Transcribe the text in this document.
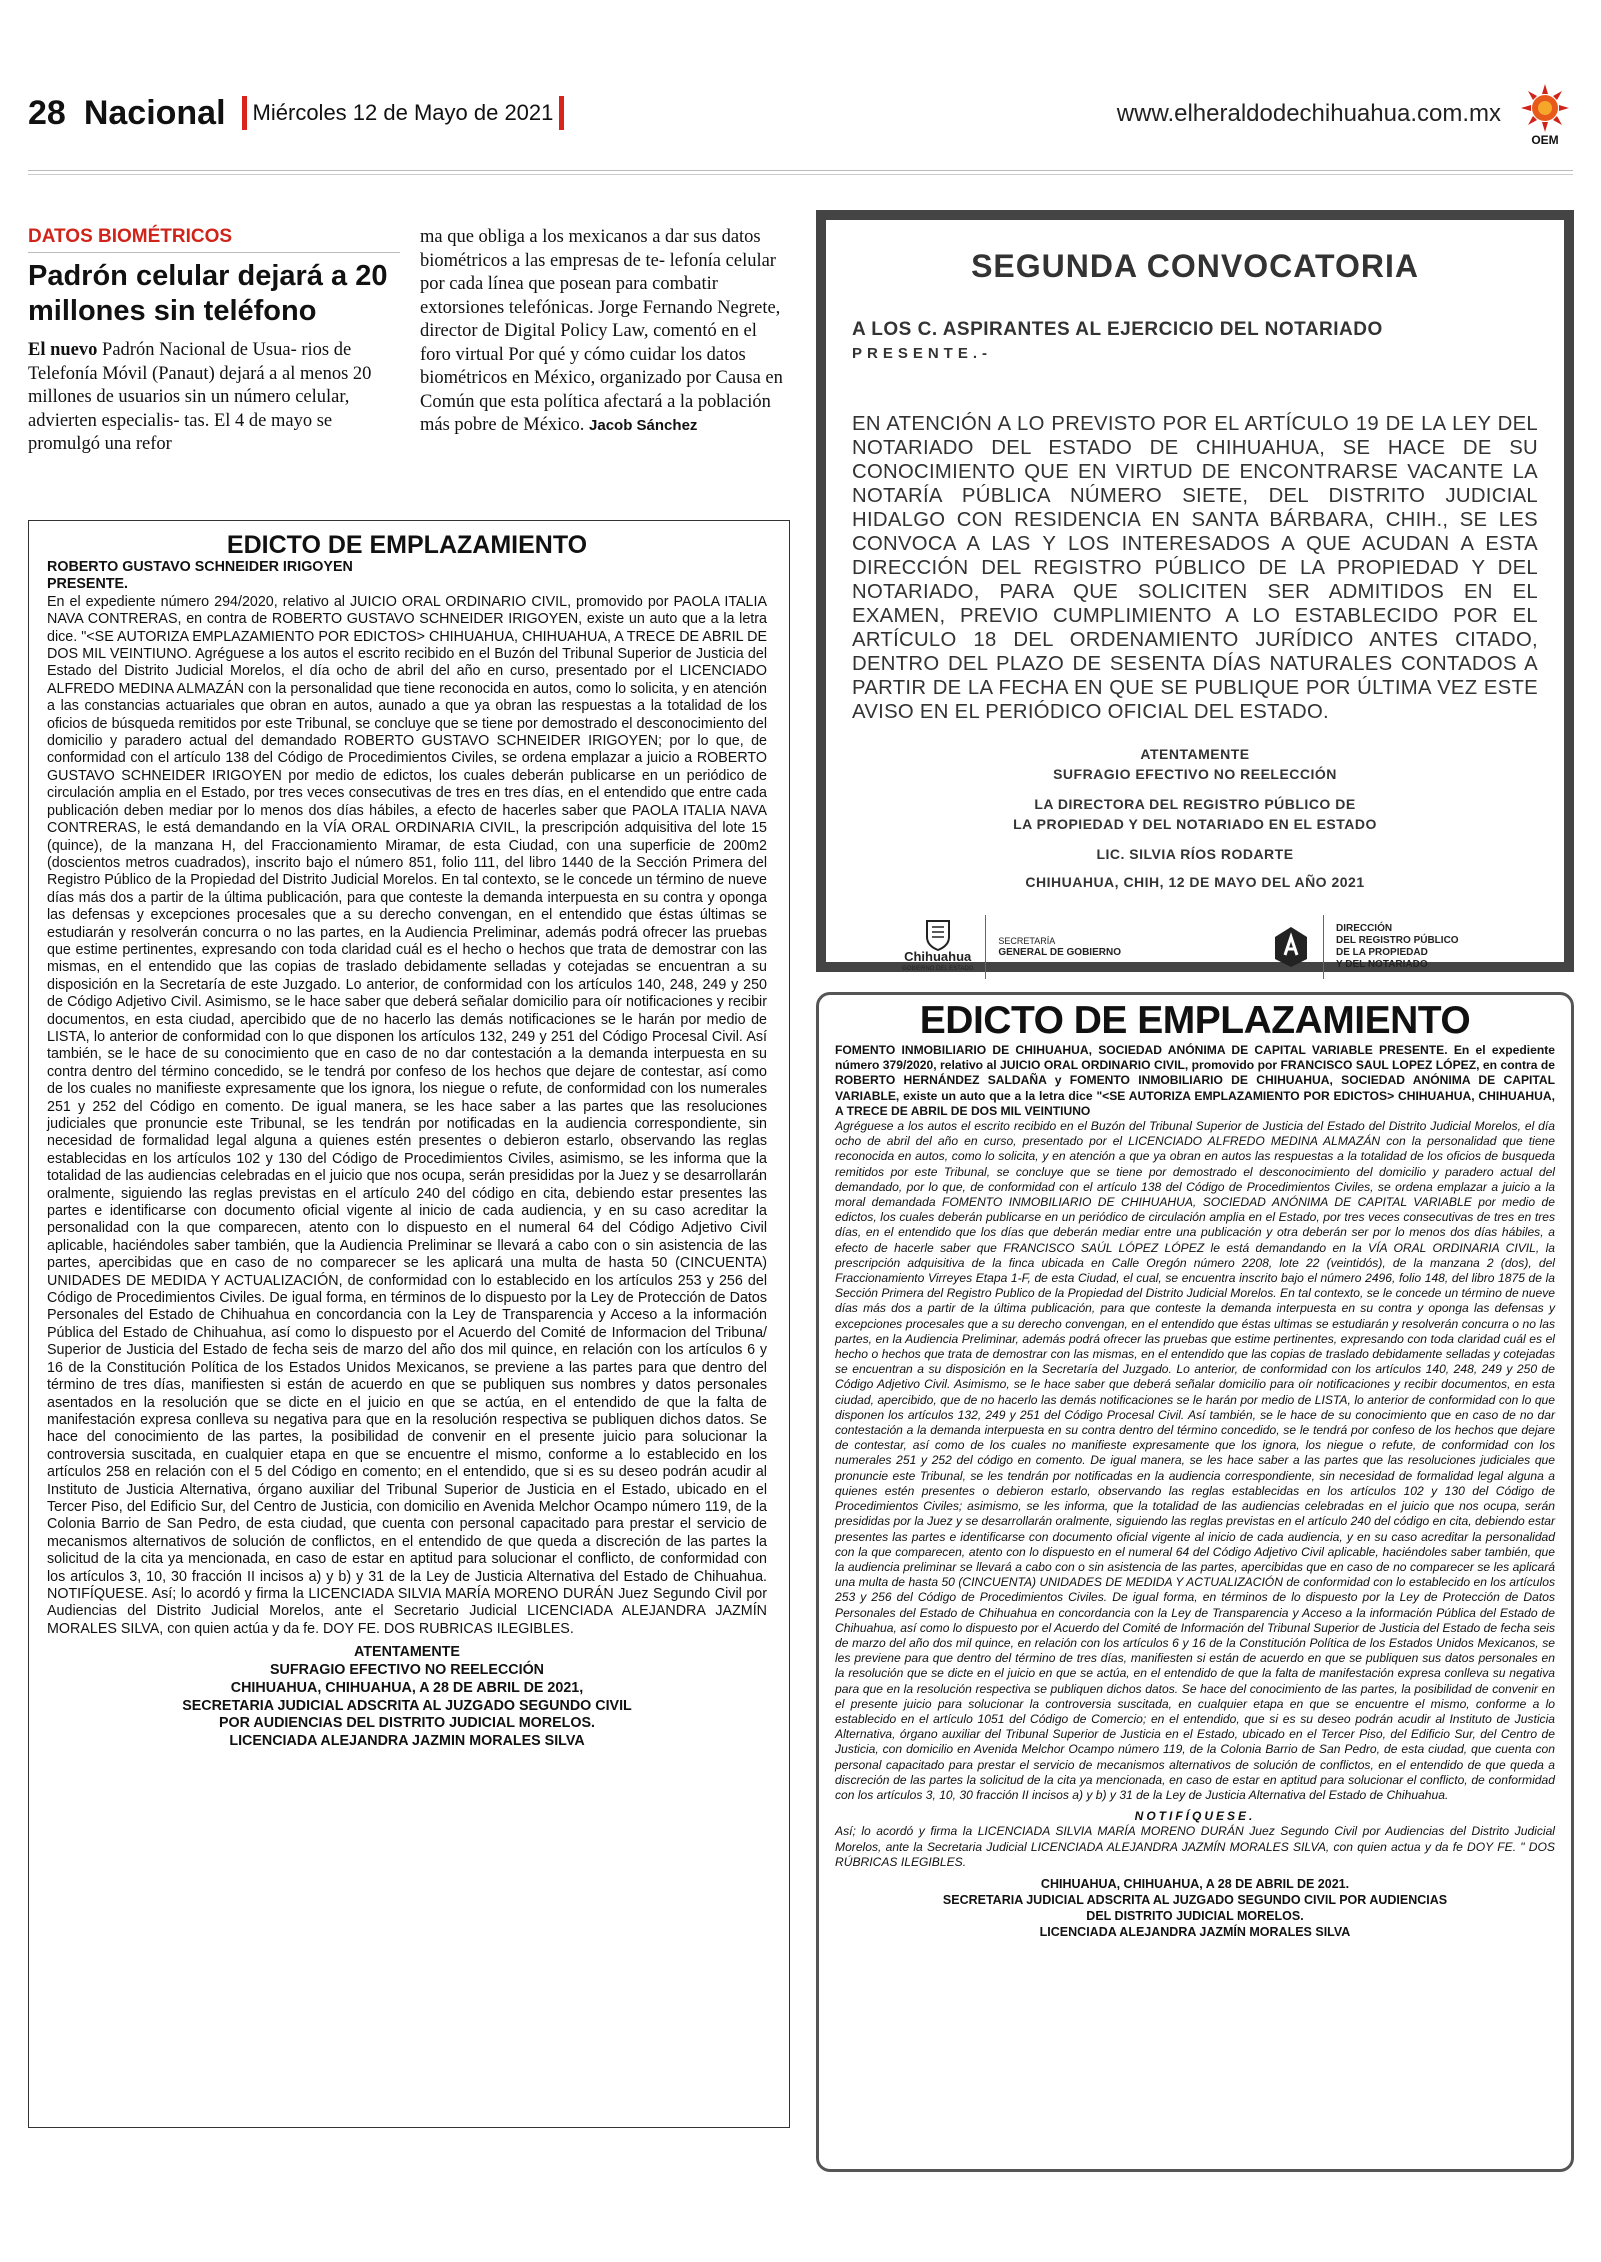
28 Nacional Miércoles 12 de Mayo de 2021	www.elheraldodechihuahua.com.mx
OEM
DATOS BIOMÉTRICOS
Padrón celular dejará a 20 millones sin teléfono
El nuevo Padrón Nacional de Usua- rios de Telefonía Móvil (Panaut) dejará a al menos 20 millones de usuarios sin un número celular, advierten especialis- tas. El 4 de mayo se promulgó una refor
ma que obliga a los mexicanos a dar sus datos biométricos a las empresas de te- lefonía celular por cada línea que posean para combatir extorsiones telefónicas. Jorge Fernando Negrete, director de Digital Policy Law, comentó en el foro virtual Por qué y cómo cuidar los datos biométricos en México, organizado por Causa en Común que esta política afectará a la población más pobre de México. Jacob Sánchez
EDICTO DE EMPLAZAMIENTO
ROBERTO GUSTAVO SCHNEIDER IRIGOYEN
PRESENTE.
En el expediente número 294/2020, relativo al JUICIO ORAL ORDINARIO CIVIL, promovido por PAOLA ITALIA NAVA CONTRERAS, en contra de ROBERTO GUSTAVO SCHNEIDER IRIGOYEN, existe un auto que a la letra dice. "<SE AUTORIZA EMPLAZAMIENTO POR EDICTOS> CHIHUAHUA, CHIHUAHUA, A TRECE DE ABRIL DE DOS MIL VEINTIUNO. Agréguese a los autos el escrito recibido en el Buzón del Tribunal Superior de Justicia del Estado del Distrito Judicial Morelos, el día ocho de abril del año en curso, presentado por el LICENCIADO ALFREDO MEDINA ALMAZÁN con la personalidad que tiene reconocida en autos, como lo solicita, y en atención a las constancias actuariales que obran en autos, aunado a que ya obran las respuestas a la totalidad de los oficios de búsqueda remitidos por este Tribunal, se concluye que se tiene por demostrado el desconocimiento del domicilio y paradero actual del demandado ROBERTO GUSTAVO SCHNEIDER IRIGOYEN; por lo que, de conformidad con el artículo 138 del Código de Procedimientos Civiles, se ordena emplazar a juicio a ROBERTO GUSTAVO SCHNEIDER IRIGOYEN por medio de edictos, los cuales deberán publicarse en un periódico de circulación amplia en el Estado, por tres veces consecutivas de tres en tres días, en el entendido que entre cada publicación deben mediar por lo menos dos días hábiles, a efecto de hacerles saber que PAOLA ITALIA NAVA CONTRERAS, le está demandando en la VÍA ORAL ORDINARIA CIVIL, la prescripción adquisitiva del lote 15 (quince), de la manzana H, del Fraccionamiento Miramar, de esta Ciudad, con una superficie de 200m2 (doscientos metros cuadrados), inscrito bajo el número 851, folio 111, del libro 1440 de la Sección Primera del Registro Público de la Propiedad del Distrito Judicial Morelos. En tal contexto, se le concede un término de nueve días más dos a partir de la última publicación, para que conteste la demanda interpuesta en su contra y oponga las defensas y excepciones procesales que a su derecho convengan, en el entendido que éstas últimas se estudiarán y resolverán concurra o no las partes, en la Audiencia Preliminar, además podrá ofrecer las pruebas que estime pertinentes, expresando con toda claridad cuál es el hecho o hechos que trata de demostrar con las mismas, en el entendido que las copias de traslado debidamente selladas y cotejadas se encuentran a su disposición en la Secretaría de este Juzgado. Lo anterior, de conformidad con los artículos 140, 248, 249 y 250 de Código Adjetivo Civil. Asimismo, se le hace saber que deberá señalar domicilio para oír notificaciones y recibir documentos, en esta ciudad, apercibido que de no hacerlo las demás notificaciones se le harán por medio de LISTA, lo anterior de conformidad con lo que disponen los artículos 132, 249 y 251 del Código Procesal Civil. Así también, se le hace de su conocimiento que en caso de no dar contestación a la demanda interpuesta en su contra dentro del término concedido, se le tendrá por confeso de los hechos que dejare de contestar, así como de los cuales no manifieste expresamente que los ignora, los niegue o refute, de conformidad con los numerales 251 y 252 del Código en comento. De igual manera, se les hace saber a las partes que las resoluciones judiciales que pronuncie este Tribunal, se les tendrán por notificadas en la audiencia correspondiente, sin necesidad de formalidad legal alguna a quienes estén presentes o debieron estarlo, observando las reglas establecidas en los artículos 102 y 130 del Código de Procedimientos Civiles, asimismo, se les informa que la totalidad de las audiencias celebradas en el juicio que nos ocupa, serán presididas por la Juez y se desarrollarán oralmente, siguiendo las reglas previstas en el artículo 240 del código en cita, debiendo estar presentes las partes e identificarse con documento oficial vigente al inicio de cada audiencia, y en su caso acreditar la personalidad con la que comparecen, atento con lo dispuesto en el numeral 64 del Código Adjetivo Civil aplicable, haciéndoles saber también, que la Audiencia Preliminar se llevará a cabo con o sin asistencia de las partes, apercibidas que en caso de no comparecer se les aplicará una multa de hasta 50 (CINCUENTA) UNIDADES DE MEDIDA Y ACTUALIZACIÓN, de conformidad con lo establecido en los artículos 253 y 256 del Código de Procedimientos Civiles. De igual forma, en términos de lo dispuesto por la Ley de Protección de Datos Personales del Estado de Chihuahua en concordancia con la Ley de Transparencia y Acceso a la información Pública del Estado de Chihuahua, así como lo dispuesto por el Acuerdo del Comité de Informacion del Tribuna/ Superior de Justicia del Estado de fecha seis de marzo del año dos mil quince, en relación con los artículos 6 y 16 de la Constitución Política de los Estados Unidos Mexicanos, se previene a las partes para que dentro del término de tres días, manifiesten si están de acuerdo en que se publiquen sus nombres y datos personales asentados en la resolución que se dicte en el juicio en que se actúa, en el entendido de que la falta de manifestación expresa conlleva su negativa para que en la resolución respectiva se publiquen dichos datos. Se hace del conocimiento de las partes, la posibilidad de convenir en el presente juicio para solucionar la controversia suscitada, en cualquier etapa en que se encuentre el mismo, conforme a lo establecido en los artículos 258 en relación con el 5 del Código en comento; en el entendido, que si es su deseo podrán acudir al Instituto de Justicia Alternativa, órgano auxiliar del Tribunal Superior de Justicia en el Estado, ubicado en el Tercer Piso, del Edificio Sur, del Centro de Justicia, con domicilio en Avenida Melchor Ocampo número 119, de la Colonia Barrio de San Pedro, de esta ciudad, que cuenta con personal capacitado para prestar el servicio de mecanismos alternativos de solución de conflictos, en el entendido de que queda a discreción de las partes la solicitud de la cita ya mencionada, en caso de estar en aptitud para solucionar el conflicto, de conformidad con los artículos 3, 10, 30 fracción II incisos a) y b) y 31 de la Ley de Justicia Alternativa del Estado de Chihuahua. NOTIFÍQUESE. Así; lo acordó y firma la LICENCIADA SILVIA MARÍA MORENO DURÁN Juez Segundo Civil por Audiencias del Distrito Judicial Morelos, ante el Secretario Judicial LICENCIADA ALEJANDRA JAZMÍN MORALES SILVA, con quien actúa y da fe. DOY FE. DOS RUBRICAS ILEGIBLES.
ATENTAMENTE
SUFRAGIO EFECTIVO NO REELECCIÓN
CHIHUAHUA, CHIHUAHUA, A 28 DE ABRIL DE 2021,
SECRETARIA JUDICIAL ADSCRITA AL JUZGADO SEGUNDO CIVIL
POR AUDIENCIAS DEL DISTRITO JUDICIAL MORELOS.
LICENCIADA ALEJANDRA JAZMIN MORALES SILVA
SEGUNDA CONVOCATORIA
A LOS C. ASPIRANTES AL EJERCICIO DEL NOTARIADO
PRESENTE.-
EN ATENCIÓN A LO PREVISTO POR EL ARTÍCULO 19 DE LA LEY DEL NOTARIADO DEL ESTADO DE CHIHUAHUA, SE HACE DE SU CONOCIMIENTO QUE EN VIRTUD DE ENCONTRARSE VACANTE LA NOTARÍA PÚBLICA NÚMERO SIETE, DEL DISTRITO JUDICIAL HIDALGO CON RESIDENCIA EN SANTA BÁRBARA, CHIH., SE LES CONVOCA A LAS Y LOS INTERESADOS A QUE ACUDAN A ESTA DIRECCIÓN DEL REGISTRO PÚBLICO DE LA PROPIEDAD Y DEL NOTARIADO, PARA QUE SOLICITEN SER ADMITIDOS EN EL EXAMEN, PREVIO CUMPLIMIENTO A LO ESTABLECIDO POR EL ARTÍCULO 18 DEL ORDENAMIENTO JURÍDICO ANTES CITADO, DENTRO DEL PLAZO DE SESENTA DÍAS NATURALES CONTADOS A PARTIR DE LA FECHA EN QUE SE PUBLIQUE POR ÚLTIMA VEZ ESTE AVISO EN EL PERIÓDICO OFICIAL DEL ESTADO.
ATENTAMENTE
SUFRAGIO EFECTIVO NO REELECCIÓN
LA DIRECTORA DEL REGISTRO PÚBLICO DE
LA PROPIEDAD Y DEL NOTARIADO EN EL ESTADO
LIC. SILVIA RÍOS RODARTE
CHIHUAHUA, CHIH, 12 DE MAYO DEL AÑO 2021
Chihuahua
GOBIERNO DEL ESTADO
SECRETARÍA
GENERAL DE GOBIERNO
DIRECCIÓN
DEL REGISTRO PÚBLICO
DE LA PROPIEDAD
Y DEL NOTARIADO
EDICTO DE EMPLAZAMIENTO
FOMENTO INMOBILIARIO DE CHIHUAHUA, SOCIEDAD ANÓNIMA DE CAPITAL VARIABLE PRESENTE. En el expediente número 379/2020, relativo al JUICIO ORAL ORDINARIO CIVIL, promovido por FRANCISCO SAUL LOPEZ LÓPEZ, en contra de ROBERTO HERNÁNDEZ SALDAÑA y FOMENTO INMOBILIARIO DE CHIHUAHUA, SOCIEDAD ANÓNIMA DE CAPITAL VARIABLE, existe un auto que a la letra dice "<SE AUTORIZA EMPLAZAMIENTO POR EDICTOS> CHIHUAHUA, CHIHUAHUA, A TRECE DE ABRIL DE DOS MIL VEINTIUNO
Agréguese a los autos el escrito recibido en el Buzón del Tribunal Superior de Justicia del Estado del Distrito Judicial Morelos, el día ocho de abril del año en curso, presentado por el LICENCIADO ALFREDO MEDINA ALMAZÁN con la personalidad que tiene reconocida en autos, como lo solicita, y en atención a que ya obran en autos las respuestas a la totalidad de los oficios de busqueda remitidos por este Tribunal, se concluye que se tiene por demostrado el desconocimiento del domicilio y paradero actual del demandado, por lo que, de conformidad con el artículo 138 del Código de Procedimientos Civiles, se ordena emplazar a juicio a la moral demandada FOMENTO INMOBILIARIO DE CHIHUAHUA, SOCIEDAD ANÓNIMA DE CAPITAL VARIABLE por medio de edictos, los cuales deberán publicarse en un periódico de circulación amplia en el Estado, por tres veces consecutivas de tres en tres días, en el entendido que los días que deberán mediar entre una publicación y otra deberán ser por lo menos dos días hábiles, a efecto de hacerle saber que FRANCISCO SAÚL LÓPEZ LÓPEZ le está demandando en la VÍA ORAL ORDINARIA CIVIL, la prescripción adquisitiva de la finca ubicada en Calle Oregón número 2208, lote 22 (veintidós), de la manzana 2 (dos), del Fraccionamiento Virreyes Etapa 1-F, de esta Ciudad, el cual, se encuentra inscrito bajo el número 2496, folio 148, del libro 1875 de la Sección Primera del Registro Publico de la Propiedad del Distrito Judicial Morelos. En tal contexto, se le concede un término de nueve días más dos a partir de la última publicación, para que conteste la demanda interpuesta en su contra y oponga las defensas y excepciones procesales que a su derecho convengan, en el entendido que éstas ultimas se estudiarán y resolverán concurra o no las partes, en la Audiencia Preliminar, además podrá ofrecer las pruebas que estime pertinentes, expresando con toda claridad cuál es el hecho o hechos que trata de demostrar con las mismas, en el entendido que las copias de traslado debidamente selladas y cotejadas se encuentran a su disposición en la Secretaría del Juzgado. Lo anterior, de conformidad con los artículos 140, 248, 249 y 250 de Código Adjetivo Civil. Asimismo, se le hace saber que deberá señalar domicilio para oír notificaciones y recibir documentos, en esta ciudad, apercibido, que de no hacerlo las demás notificaciones se le harán por medio de LISTA, lo anterior de conformidad con lo que disponen los artículos 132, 249 y 251 del Código Procesal Civil. Así también, se le hace de su conocimiento que en caso de no dar contestación a la demanda interpuesta en su contra dentro del término concedido, se le tendrá por confeso de los hechos que dejare de contestar, así como de los cuales no manifieste expresamente que los ignora, los niegue o refute, de conformidad con los numerales 251 y 252 del código en comento. De igual manera, se les hace saber a las partes que las resoluciones judiciales que pronuncie este Tribunal, se les tendrán por notificadas en la audiencia correspondiente, sin necesidad de formalidad legal alguna a quienes estén presentes o debieron estarlo, observando las reglas establecidas en los artículos 102 y 130 del Código de Procedimientos Civiles; asimismo, se les informa, que la totalidad de las audiencias celebradas en el juicio que nos ocupa, serán presididas por la Juez y se desarrollarán oralmente, siguiendo las reglas previstas en el artículo 240 del código en cita, debiendo estar presentes las partes e identificarse con documento oficial vigente al inicio de cada audiencia, y en su caso acreditar la personalidad con la que comparecen, atento con lo dispuesto en el numeral 64 del Código Adjetivo Civil aplicable, haciéndoles saber también, que la audiencia preliminar se llevará a cabo con o sin asistencia de las partes, apercibidas que en caso de no comparecer se les aplicará una multa de hasta 50 (CINCUENTA) UNIDADES DE MEDIDA Y ACTUALIZACIÓN de conformidad con lo establecido en los artículos 253 y 256 del Código de Procedimientos Civiles. De igual forma, en términos de lo dispuesto por la Ley de Protección de Datos Personales del Estado de Chihuahua en concordancia con la Ley de Transparencia y Acceso a la información Pública del Estado de Chihuahua, así como lo dispuesto por el Acuerdo del Comité de Información del Tribunal Superior de Justicia del Estado de fecha seis de marzo del año dos mil quince, en relación con los artículos 6 y 16 de la Constitución Política de los Estados Unidos Mexicanos, se les previene para que dentro del término de tres días, manifiesten si están de acuerdo en que se publiquen sus datos personales en la resolución que se dicte en el juicio en que se actúa, en el entendido de que la falta de manifestación expresa conlleva su negativa para que en la resolución respectiva se publiquen dichos datos. Se hace del conocimiento de las partes, la posibilidad de convenir en el presente juicio para solucionar la controversia suscitada, en cualquier etapa en que se encuentre el mismo, conforme a lo establecido en el artículo 1051 del Código de Comercio; en el entendido, que si es su deseo podrán acudir al Instituto de Justicia Alternativa, órgano auxiliar del Tribunal Superior de Justicia en el Estado, ubicado en el Tercer Piso, del Edificio Sur, del Centro de Justicia, con domicilio en Avenida Melchor Ocampo número 119, de la Colonia Barrio de San Pedro, de esta ciudad, que cuenta con personal capacitado para prestar el servicio de mecanismos alternativos de solución de conflictos, en el entendido de que queda a discreción de las partes la solicitud de la cita ya mencionada, en caso de estar en aptitud para solucionar el conflicto, de conformidad con los artículos 3, 10, 30 fracción II incisos a) y b) y 31 de la Ley de Justicia Alternativa del Estado de Chihuahua.
NOTIFÍQUESE.
Así; lo acordó y firma la LICENCIADA SILVIA MARÍA MORENO DURÁN Juez Segundo Civil por Audiencias del Distrito Judicial Morelos, ante la Secretaria Judicial LICENCIADA ALEJANDRA JAZMÍN MORALES SILVA, con quien actua y da fe DOY FE. " DOS RÚBRICAS ILEGIBLES.
CHIHUAHUA, CHIHUAHUA, A 28 DE ABRIL DE 2021.
SECRETARIA JUDICIAL ADSCRITA AL JUZGADO SEGUNDO CIVIL POR AUDIENCIAS
DEL DISTRITO JUDICIAL MORELOS.
LICENCIADA ALEJANDRA JAZMÍN MORALES SILVA
